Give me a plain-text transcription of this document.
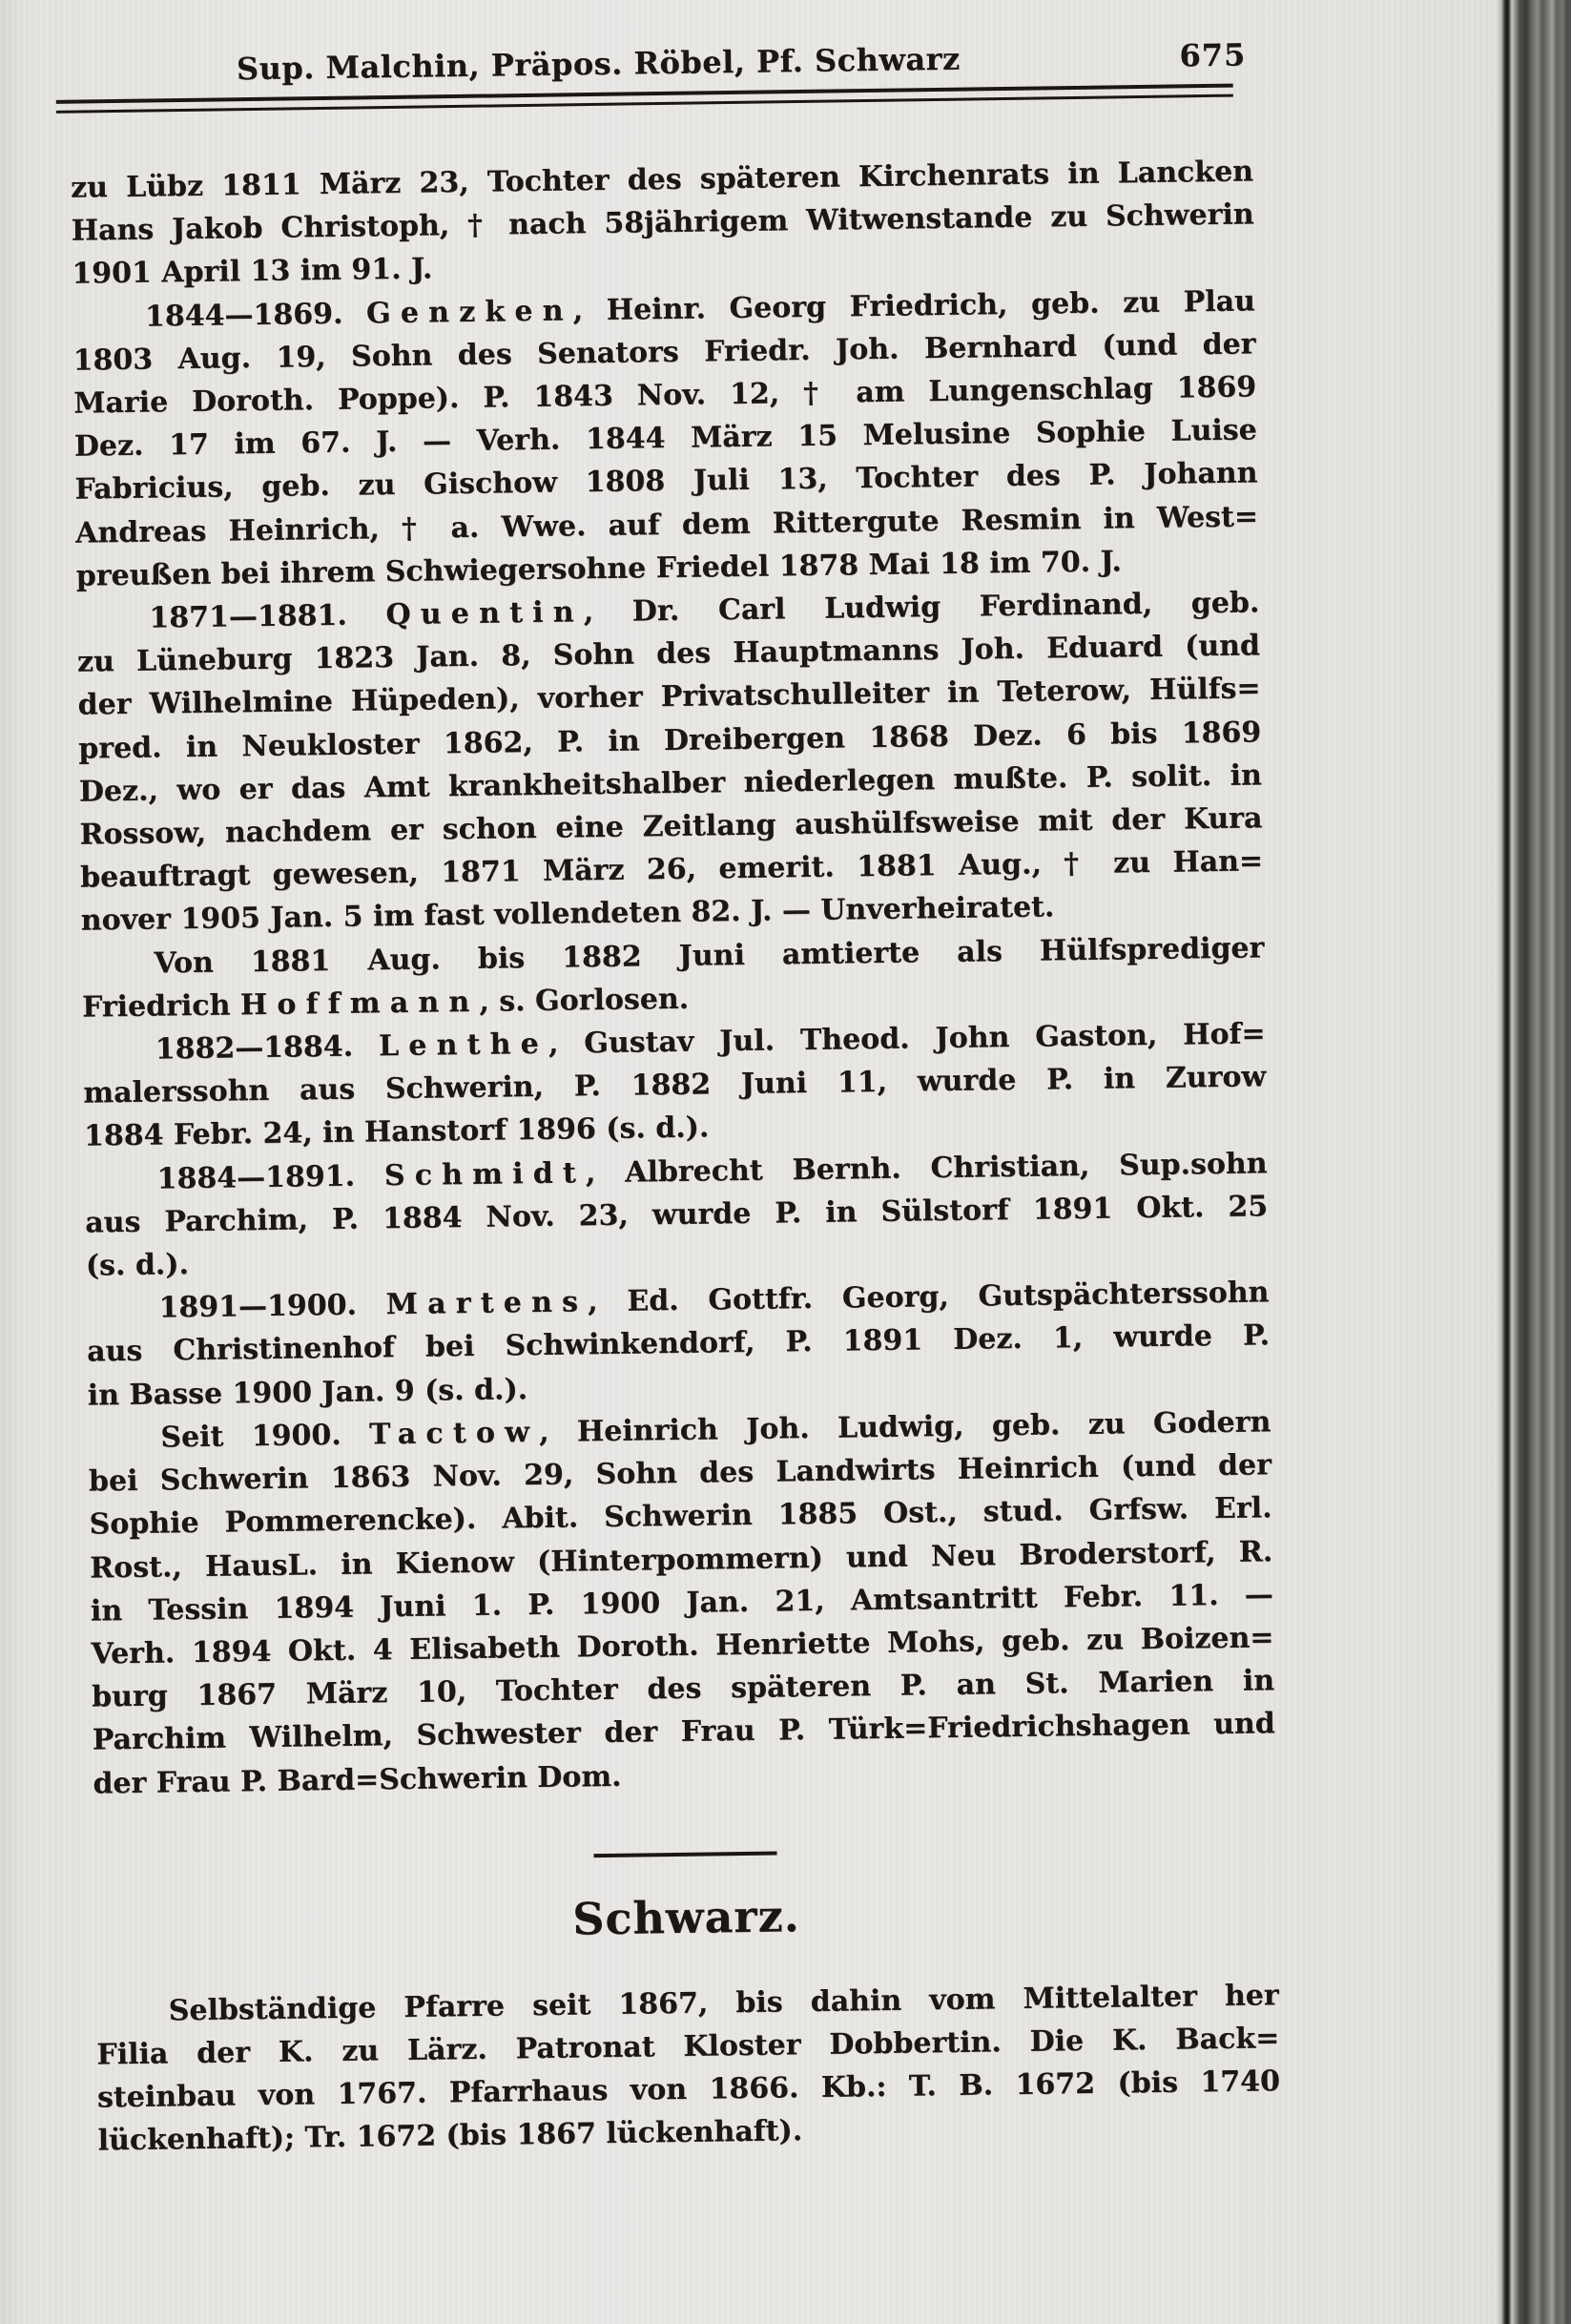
Sup. Malchin, Präpos. Röbel, Pf. Schwarz	675

zu Lübz 1811 März 23, Tochter des späteren Kirchenrats in Lancken
Hans Jakob Christoph, † nach 58jährigem Witwenstande zu Schwerin
1901 April 13 im 91. J.

1844—1869. Genzken, Heinr. Georg Friedrich, geb. zu Plau
1803 Aug. 19, Sohn des Senators Friedr. Joh. Bernhard (und der
Marie Doroth. Poppe). P. 1843 Nov. 12, † am Lungenschlag 1869
Dez. 17 im 67. J. — Verh. 1844 März 15 Melusine Sophie Luise
Fabricius, geb. zu Gischow 1808 Juli 13, Tochter des P. Johann
Andreas Heinrich, † a. Wwe. auf dem Rittergute Resmin in West=
preußen bei ihrem Schwiegersohne Friedel 1878 Mai 18 im 70. J.

1871—1881. Quentin, Dr. Carl Ludwig Ferdinand, geb.
zu Lüneburg 1823 Jan. 8, Sohn des Hauptmanns Joh. Eduard (und
der Wilhelmine Hüpeden), vorher Privatschulleiter in Teterow, Hülfs=
pred. in Neukloster 1862, P. in Dreibergen 1868 Dez. 6 bis 1869
Dez., wo er das Amt krankheitshalber niederlegen mußte. P. solit. in
Rossow, nachdem er schon eine Zeitlang aushülfsweise mit der Kura
beauftragt gewesen, 1871 März 26, emerit. 1881 Aug., † zu Han=
nover 1905 Jan. 5 im fast vollendeten 82. J. — Unverheiratet.

Von 1881 Aug. bis 1882 Juni amtierte als Hülfsprediger
Friedrich Hoffmann, s. Gorlosen.

1882—1884. Lenthe, Gustav Jul. Theod. John Gaston, Hof=
malerssohn aus Schwerin, P. 1882 Juni 11, wurde P. in Zurow
1884 Febr. 24, in Hanstorf 1896 (s. d.).

1884—1891. Schmidt, Albrecht Bernh. Christian, Sup.sohn
aus Parchim, P. 1884 Nov. 23, wurde P. in Sülstorf 1891 Okt. 25
(s. d.).

1891—1900. Martens, Ed. Gottfr. Georg, Gutspächterssohn
aus Christinenhof bei Schwinkendorf, P. 1891 Dez. 1, wurde P.
in Basse 1900 Jan. 9 (s. d.).

Seit 1900. Tactow, Heinrich Joh. Ludwig, geb. zu Godern
bei Schwerin 1863 Nov. 29, Sohn des Landwirts Heinrich (und der
Sophie Pommerencke). Abit. Schwerin 1885 Ost., stud. Grfsw. Erl.
Rost., HausL. in Kienow (Hinterpommern) und Neu Broderstorf, R.
in Tessin 1894 Juni 1. P. 1900 Jan. 21, Amtsantritt Febr. 11. —
Verh. 1894 Okt. 4 Elisabeth Doroth. Henriette Mohs, geb. zu Boizen=
burg 1867 März 10, Tochter des späteren P. an St. Marien in
Parchim Wilhelm, Schwester der Frau P. Türk=Friedrichshagen und
der Frau P. Bard=Schwerin Dom.

Schwarz.

Selbständige Pfarre seit 1867, bis dahin vom Mittelalter her
Filia der K. zu Lärz. Patronat Kloster Dobbertin. Die K. Back=
steinbau von 1767. Pfarrhaus von 1866. Kb.: T. B. 1672 (bis 1740
lückenhaft); Tr. 1672 (bis 1867 lückenhaft).
